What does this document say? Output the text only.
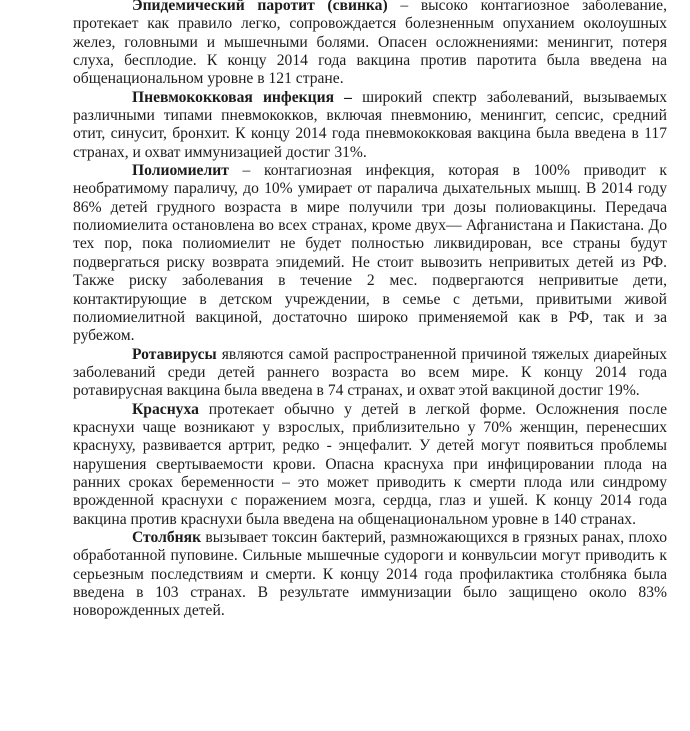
Эпидемический паротит (свинка) – высоко контагиозное заболевание, протекает как правило легко, сопровождается болезненным опуханием околоушных желез, головными и мышечными болями. Опасен осложнениями: менингит, потеря слуха, бесплодие. К концу 2014 года вакцина против паротита была введена на общенациональном уровне в 121 стране.

Пневмококковая инфекция – широкий спектр заболеваний, вызываемых различными типами пневмококков, включая пневмонию, менингит, сепсис, средний отит, синусит, бронхит. К концу 2014 года пневмококковая вакцина была введена в 117 странах, и охват иммунизацией достиг 31%.

Полиомиелит – контагиозная инфекция, которая в 100% приводит к необратимому параличу, до 10% умирает от паралича дыхательных мышц. В 2014 году 86% детей грудного возраста в мире получили три дозы полиовакцины. Передача полиомиелита остановлена во всех странах, кроме двух— Афганистана и Пакистана. До тех пор, пока полиомиелит не будет полностью ликвидирован, все страны будут подвергаться риску возврата эпидемий. Не стоит вывозить непривитых детей из РФ. Также риску заболевания в течение 2 мес. подвергаются непривитые дети, контактирующие в детском учреждении, в семье с детьми, привитыми живой полиомиелитной вакциной, достаточно широко применяемой как в РФ, так и за рубежом.

Ротавирусы являются самой распространенной причиной тяжелых диарейных заболеваний среди детей раннего возраста во всем мире. К концу 2014 года ротавирусная вакцина была введена в 74 странах, и охват этой вакциной достиг 19%.

Краснуха протекает обычно у детей в легкой форме. Осложнения после краснухи чаще возникают у взрослых, приблизительно у 70% женщин, перенесших краснуху, развивается артрит, редко - энцефалит. У детей могут появиться проблемы нарушения свертываемости крови. Опасна краснуха при инфицировании плода на ранних сроках беременности – это может приводить к смерти плода или синдрому врожденной краснухи с поражением мозга, сердца, глаз и ушей. К концу 2014 года вакцина против краснухи была введена на общенациональном уровне в 140 странах.

Столбняк вызывает токсин бактерий, размножающихся в грязных ранах, плохо обработанной пуповине. Сильные мышечные судороги и конвульсии могут приводить к серьезным последствиям и смерти. К концу 2014 года профилактика столбняка была введена в 103 странах. В результате иммунизации было защищено около 83% новорожденных детей.
